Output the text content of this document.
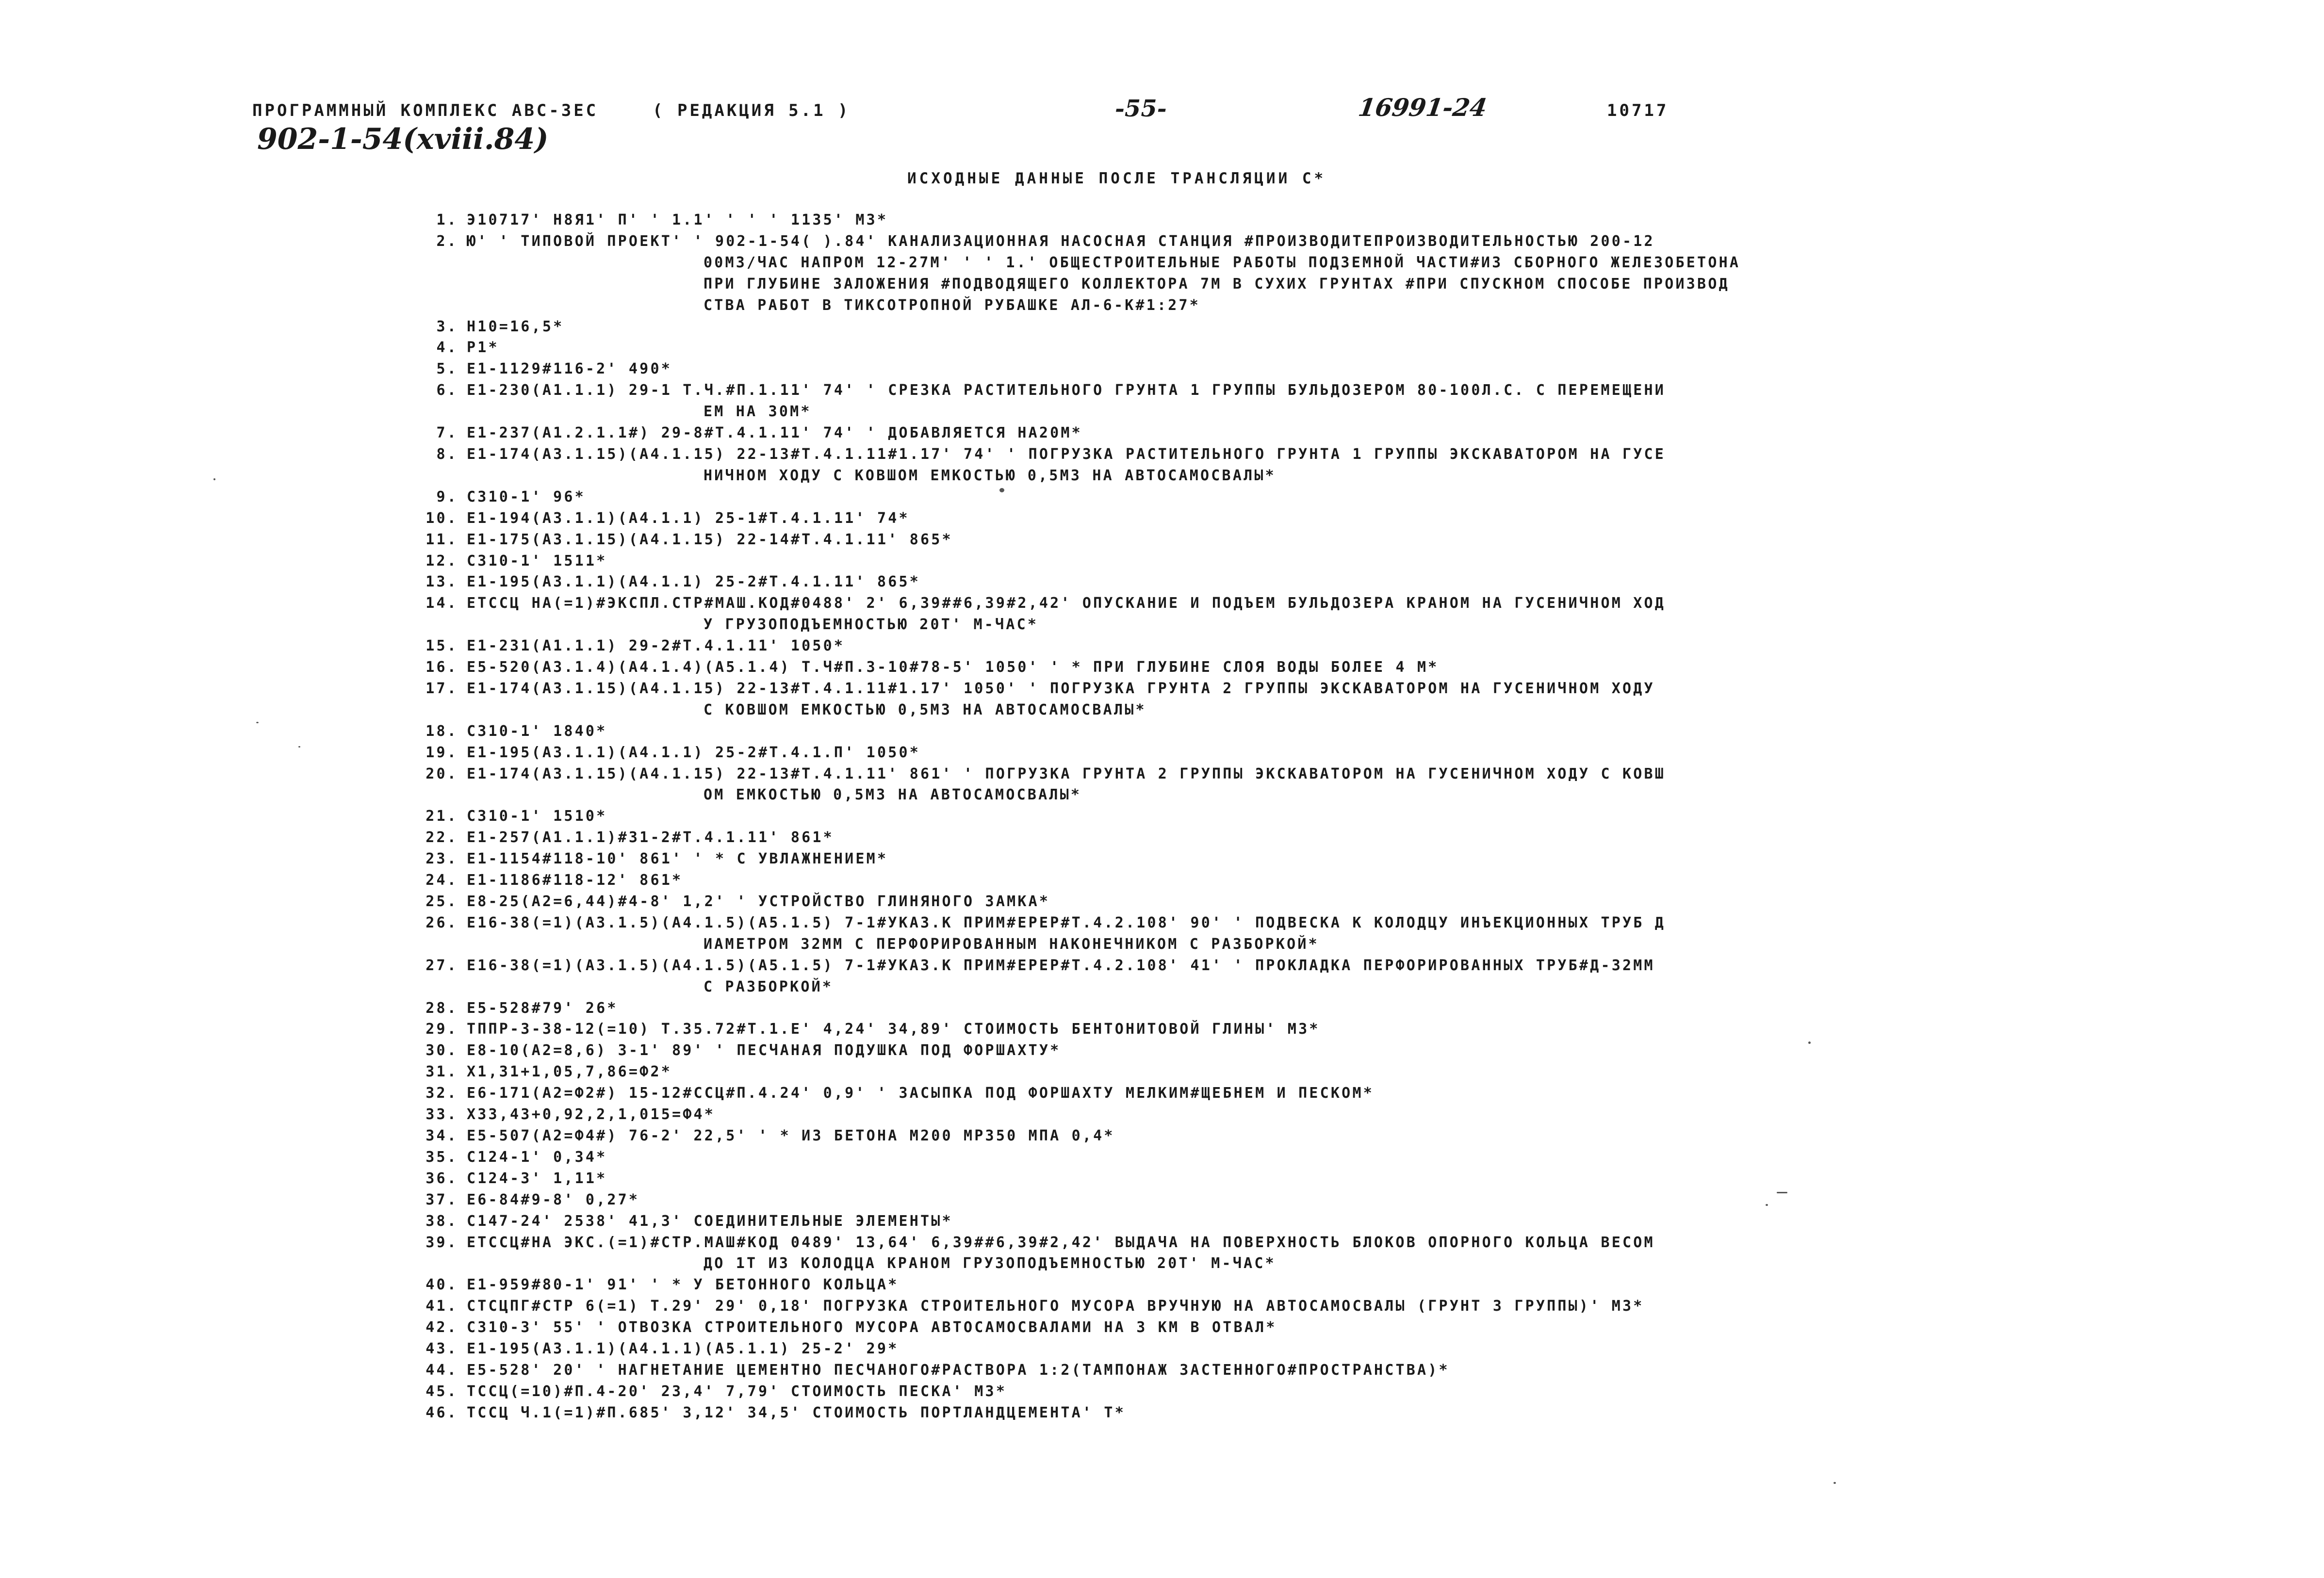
ПРОГРАММНЫЙ КОМПЛЕКС АВС-ЗЕС	( РЕДАКЦИЯ 5.1 )	-55-	16991-24	10717
902-1-54(xviii.84)
ИСХОДНЫЕ ДАННЫЕ ПОСЛЕ ТРАНСЛЯЦИИ С*
1. Э10717' Н8Я1' П' ' 1.1' ' ' ' 1135' М3*
2. Ю' ' ТИПОВОЙ ПРОЕКТ' ' 902-1-54( ).84' КАНАЛИЗАЦИОННАЯ НАСОСНАЯ СТАНЦИЯ #ПРОИЗВОДИТЕПРОИЗВОДИТЕЛЬНОСТЬЮ 200-12
00М3/ЧАС НАПРОМ 12-27М' ' ' 1.' ОБЩЕСТРОИТЕЛЬНЫЕ РАБОТЫ ПОДЗЕМНОЙ ЧАСТИ#ИЗ СБОРНОГО ЖЕЛЕЗОБЕТОНА
ПРИ ГЛУБИНЕ ЗАЛОЖЕНИЯ #ПОДВОДЯЩЕГО КОЛЛЕКТОРА 7М В СУХИХ ГРУНТАХ #ПРИ СПУСКНОМ СПОСОБЕ ПРОИЗВОД
СТВА РАБОТ В ТИКСОТРОПНОЙ РУБАШКЕ АЛ-6-К#1:27*
3. Н10=16,5*
4. Р1*
5. Е1-1129#116-2' 490*
6. Е1-230(А1.1.1) 29-1 Т.Ч.#П.1.11' 74' ' СРЕЗКА РАСТИТЕЛЬНОГО ГРУНТА 1 ГРУППЫ БУЛЬДОЗЕРОМ 80-100Л.С. С ПЕРЕМЕЩЕНИ
ЕМ НА 30М*
7. Е1-237(А1.2.1.1#) 29-8#Т.4.1.11' 74' ' ДОБАВЛЯЕТСЯ НА20М*
8. Е1-174(А3.1.15)(А4.1.15) 22-13#Т.4.1.11#1.17' 74' ' ПОГРУЗКА РАСТИТЕЛЬНОГО ГРУНТА 1 ГРУППЫ ЭКСКАВАТОРОМ НА ГУСЕ
НИЧНОМ ХОДУ С КОВШОМ ЕМКОСТЬЮ 0,5М3 НА АВТОСАМОСВАЛЫ*
9. С310-1' 96*
10. Е1-194(А3.1.1)(А4.1.1) 25-1#Т.4.1.11' 74*
11. Е1-175(А3.1.15)(А4.1.15) 22-14#Т.4.1.11' 865*
12. С310-1' 1511*
13. Е1-195(А3.1.1)(А4.1.1) 25-2#Т.4.1.11' 865*
14. ЕТССЦ НА(=1)#ЭКСПЛ.СТР#МАШ.КОД#0488' 2' 6,39##6,39#2,42' ОПУСКАНИЕ И ПОДЪЕМ БУЛЬДОЗЕРА КРАНОМ НА ГУСЕНИЧНОМ ХОД
У ГРУЗОПОДЪЕМНОСТЬЮ 20Т' М-ЧАС*
15. Е1-231(А1.1.1) 29-2#Т.4.1.11' 1050*
16. Е5-520(А3.1.4)(А4.1.4)(А5.1.4) Т.Ч#П.3-10#78-5' 1050' ' * ПРИ ГЛУБИНЕ СЛОЯ ВОДЫ БОЛЕЕ 4 М*
17. Е1-174(А3.1.15)(А4.1.15) 22-13#Т.4.1.11#1.17' 1050' ' ПОГРУЗКА ГРУНТА 2 ГРУППЫ ЭКСКАВАТОРОМ НА ГУСЕНИЧНОМ ХОДУ
С КОВШОМ ЕМКОСТЬЮ 0,5М3 НА АВТОСАМОСВАЛЫ*
18. С310-1' 1840*
19. Е1-195(А3.1.1)(А4.1.1) 25-2#Т.4.1.П' 1050*
20. Е1-174(А3.1.15)(А4.1.15) 22-13#Т.4.1.11' 861' ' ПОГРУЗКА ГРУНТА 2 ГРУППЫ ЭКСКАВАТОРОМ НА ГУСЕНИЧНОМ ХОДУ С КОВШ
ОМ ЕМКОСТЬЮ 0,5М3 НА АВТОСАМОСВАЛЫ*
21. С310-1' 1510*
22. Е1-257(А1.1.1)#31-2#Т.4.1.11' 861*
23. Е1-1154#118-10' 861' ' * С УВЛАЖНЕНИЕМ*
24. Е1-1186#118-12' 861*
25. Е8-25(А2=6,44)#4-8' 1,2' ' УСТРОЙСТВО ГЛИНЯНОГО ЗАМКА*
26. Е16-38(=1)(А3.1.5)(А4.1.5)(А5.1.5) 7-1#УКАЗ.К ПРИМ#ЕРЕР#Т.4.2.108' 90' ' ПОДВЕСКА К КОЛОДЦУ ИНЪЕКЦИОННЫХ ТРУБ Д
ИАМЕТРОМ 32ММ С ПЕРФОРИРОВАННЫМ НАКОНЕЧНИКОМ С РАЗБОРКОЙ*
27. Е16-38(=1)(А3.1.5)(А4.1.5)(А5.1.5) 7-1#УКАЗ.К ПРИМ#ЕРЕР#Т.4.2.108' 41' ' ПРОКЛАДКА ПЕРФОРИРОВАННЫХ ТРУБ#Д-32ММ
С РАЗБОРКОЙ*
28. Е5-528#79' 26*
29. ТППР-3-38-12(=10) Т.35.72#Т.1.Е' 4,24' 34,89' СТОИМОСТЬ БЕНТОНИТОВОЙ ГЛИНЫ' М3*
30. Е8-10(А2=8,6) 3-1' 89' ' ПЕСЧАНАЯ ПОДУШКА ПОД ФОРШАХТУ*
31. Х1,31+1,05,7,86=Ф2*
32. Е6-171(А2=Ф2#) 15-12#ССЦ#П.4.24' 0,9' ' ЗАСЫПКА ПОД ФОРШАХТУ МЕЛКИМ#ЩЕБНЕМ И ПЕСКОМ*
33. Х33,43+0,92,2,1,015=Ф4*
34. Е5-507(А2=Ф4#) 76-2' 22,5' ' * ИЗ БЕТОНА М200 МР350 МПА 0,4*
35. С124-1' 0,34*
36. С124-3' 1,11*
37. Е6-84#9-8' 0,27*
38. С147-24' 2538' 41,3' СОЕДИНИТЕЛЬНЫЕ ЭЛЕМЕНТЫ*
39. ЕТССЦ#НА ЭКС.(=1)#СТР.МАШ#КОД 0489' 13,64' 6,39##6,39#2,42' ВЫДАЧА НА ПОВЕРХНОСТЬ БЛОКОВ ОПОРНОГО КОЛЬЦА ВЕСОМ
ДО 1Т ИЗ КОЛОДЦА КРАНОМ ГРУЗОПОДЪЕМНОСТЬЮ 20Т' М-ЧАС*
40. Е1-959#80-1' 91' ' * У БЕТОННОГО КОЛЬЦА*
41. СТСЦПГ#СТР 6(=1) Т.29' 29' 0,18' ПОГРУЗКА СТРОИТЕЛЬНОГО МУСОРА ВРУЧНУЮ НА АВТОСАМОСВАЛЫ (ГРУНТ 3 ГРУППЫ)' М3*
42. С310-3' 55' ' ОТВОЗКА СТРОИТЕЛЬНОГО МУСОРА АВТОСАМОСВАЛАМИ НА 3 КМ В ОТВАЛ*
43. Е1-195(А3.1.1)(А4.1.1)(А5.1.1) 25-2' 29*
44. Е5-528' 20' ' НАГНЕТАНИЕ ЦЕМЕНТНО ПЕСЧАНОГО#РАСТВОРА 1:2(ТАМПОНАЖ ЗАСТЕННОГО#ПРОСТРАНСТВА)*
45. ТССЦ(=10)#П.4-20' 23,4' 7,79' СТОИМОСТЬ ПЕСКА' М3*
46. ТССЦ Ч.1(=1)#П.685' 3,12' 34,5' СТОИМОСТЬ ПОРТЛАНДЦЕМЕНТА' Т*
